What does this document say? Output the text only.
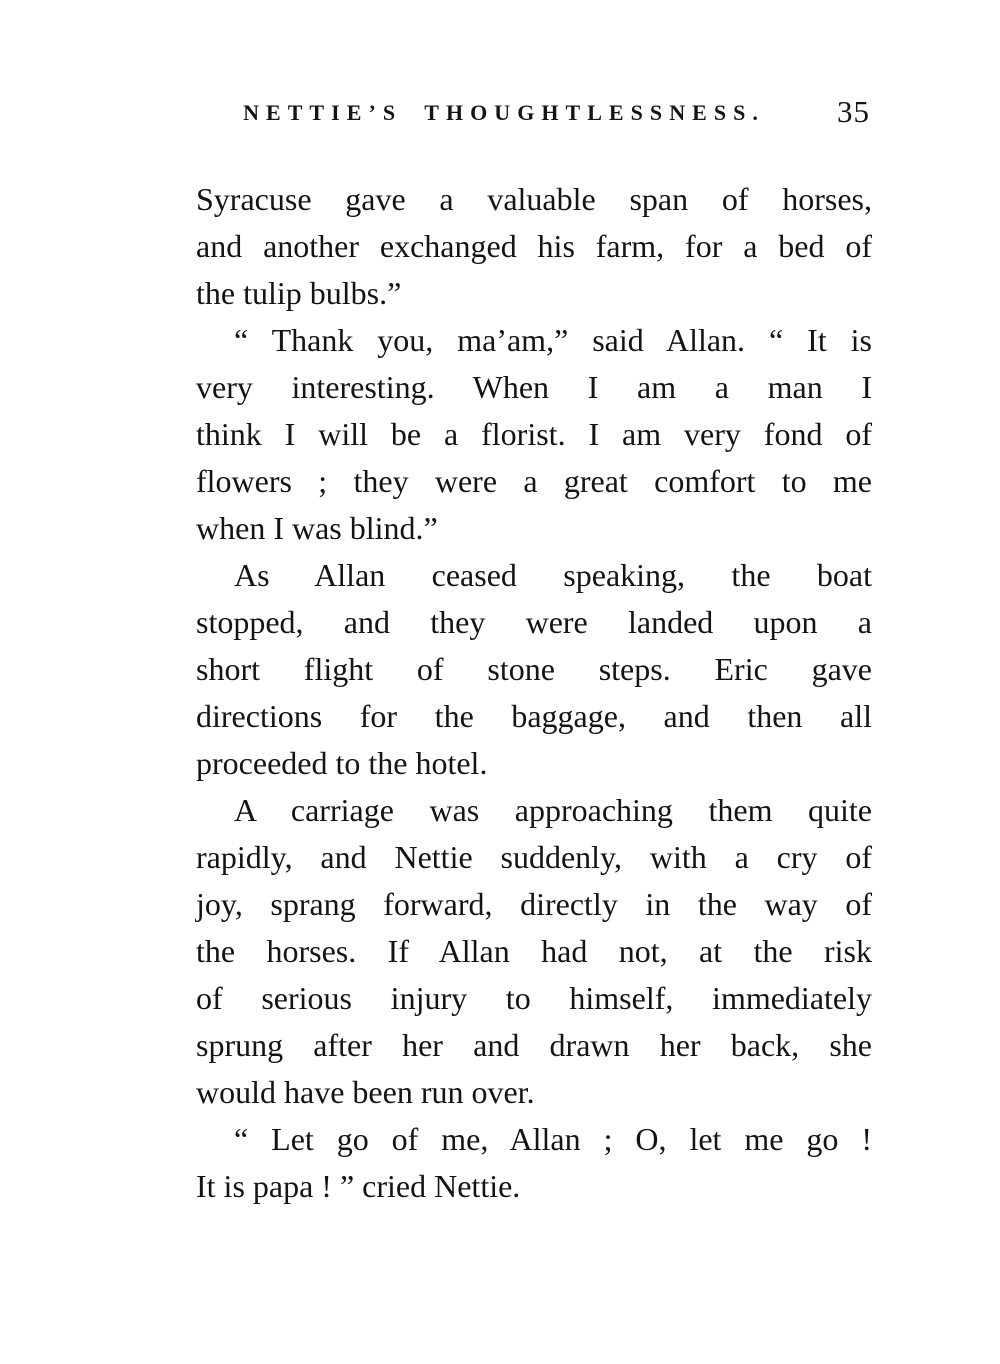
NETTIE’S THOUGHTLESSNESS.	35
Syracuse gave a valuable span of horses,
and another exchanged his farm, for a bed of
the tulip bulbs.”
“ Thank you, ma’am,” said Allan. “ It is
very interesting. When I am a man I
think I will be a florist. I am very fond of
flowers ; they were a great comfort to me
when I was blind.”
As Allan ceased speaking, the boat
stopped, and they were landed upon a
short flight of stone steps. Eric gave
directions for the baggage, and then all
proceeded to the hotel.
A carriage was approaching them quite
rapidly, and Nettie suddenly, with a cry of
joy, sprang forward, directly in the way of
the horses. If Allan had not, at the risk
of serious injury to himself, immediately
sprung after her and drawn her back, she
would have been run over.
“ Let go of me, Allan ; O, let me go !
It is papa ! ” cried Nettie.
